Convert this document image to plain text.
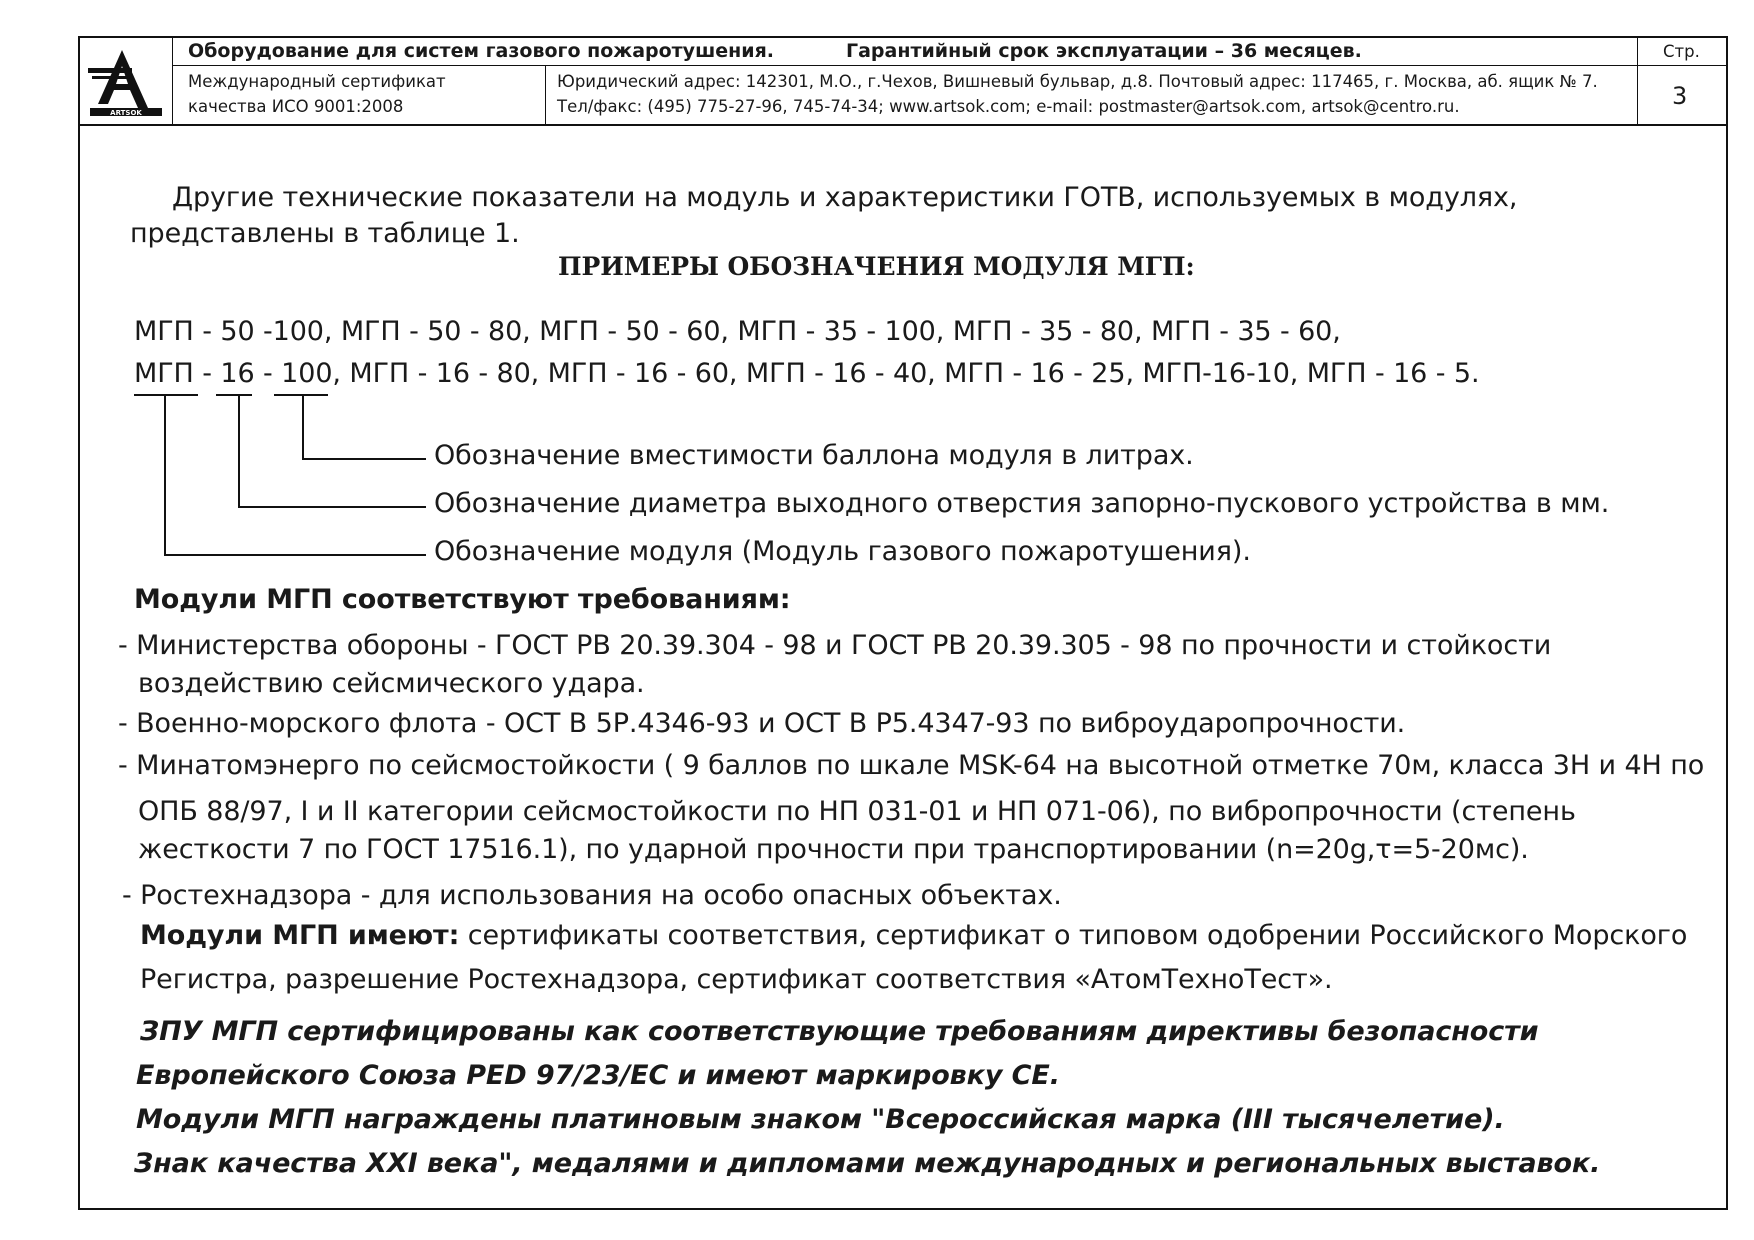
ARTSOK
Оборудование для систем газового пожаротушения.	Гарантийный срок эксплуатации – 36 месяцев.	Стр.
3
Международный сертификат
качества ИСО 9001:2008
Юридический адрес: 142301, М.О., г.Чехов, Вишневый бульвар, д.8. Почтовый адрес: 117465, г. Москва, аб. ящик № 7.
Тел/факс: (495) 775-27-96, 745-74-34; www.artsok.com; e-mail: postmaster@artsok.com, artsok@centro.ru.
Другие технические показатели на модуль и характеристики ГОТВ, используемых в модулях,
представлены в таблице 1.
ПРИМЕРЫ ОБОЗНАЧЕНИЯ МОДУЛЯ МГП:
МГП - 50 -100, МГП - 50 - 80, МГП - 50 - 60, МГП - 35 - 100, МГП - 35 - 80, МГП - 35 - 60,
МГП - 16 - 100, МГП - 16 - 80, МГП - 16 - 60, МГП - 16 - 40, МГП - 16 - 25, МГП-16-10, МГП - 16 - 5.
Обозначение вместимости баллона модуля в литрах.
Обозначение диаметра выходного отверстия запорно-пускового устройства в мм.
Обозначение модуля (Модуль газового пожаротушения).
Модули МГП соответствуют требованиям:
- Министерства обороны - ГОСТ РВ 20.39.304 - 98 и ГОСТ РВ 20.39.305 - 98 по прочности и стойкости
воздействию сейсмического удара.
- Военно-морского флота - ОСТ В 5Р.4346-93 и ОСТ В Р5.4347-93 по виброударопрочности.
- Минатомэнерго по сейсмостойкости ( 9 баллов по шкале MSK-64 на высотной отметке 70м, класса 3Н и 4Н по
ОПБ 88/97, I и II категории сейсмостойкости по НП 031-01 и НП 071-06), по вибропрочности (степень
жесткости 7 по ГОСТ 17516.1), по ударной прочности при транспортировании (n=20g,τ=5-20мс).
- Ростехнадзора - для использования на особо опасных объектах.
Модули МГП имеют: сертификаты соответствия, сертификат о типовом одобрении Российского Морского
Регистра, разрешение Ростехнадзора, сертификат соответствия «АтомТехноТест».
ЗПУ МГП сертифицированы как соответствующие требованиям директивы безопасности
Европейского Союза PED 97/23/EC и имеют маркировку СЕ.
Модули МГП награждены платиновым знаком "Всероссийская марка (III тысячелетие).
Знак качества XXI века", медалями и дипломами международных и региональных выставок.
